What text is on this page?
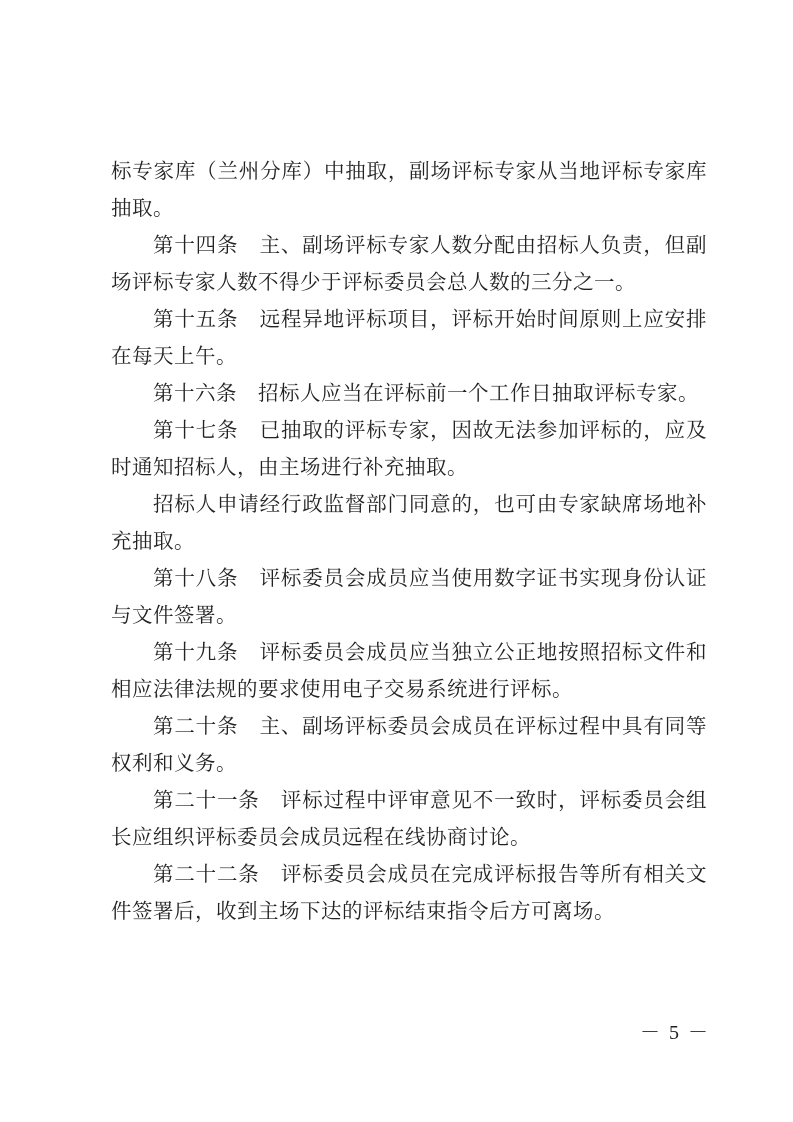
标专家库（兰州分库）中抽取，副场评标专家从当地评标专家库抽取。

第十四条　主、副场评标专家人数分配由招标人负责，但副场评标专家人数不得少于评标委员会总人数的三分之一。

第十五条　远程异地评标项目，评标开始时间原则上应安排在每天上午。

第十六条　招标人应当在评标前一个工作日抽取评标专家。

第十七条　已抽取的评标专家，因故无法参加评标的，应及时通知招标人，由主场进行补充抽取。

招标人申请经行政监督部门同意的，也可由专家缺席场地补充抽取。

第十八条　评标委员会成员应当使用数字证书实现身份认证与文件签署。

第十九条　评标委员会成员应当独立公正地按照招标文件和相应法律法规的要求使用电子交易系统进行评标。

第二十条　主、副场评标委员会成员在评标过程中具有同等权利和义务。

第二十一条　评标过程中评审意见不一致时，评标委员会组长应组织评标委员会成员远程在线协商讨论。

第二十二条　评标委员会成员在完成评标报告等所有相关文件签署后，收到主场下达的评标结束指令后方可离场。

－ 5 －
